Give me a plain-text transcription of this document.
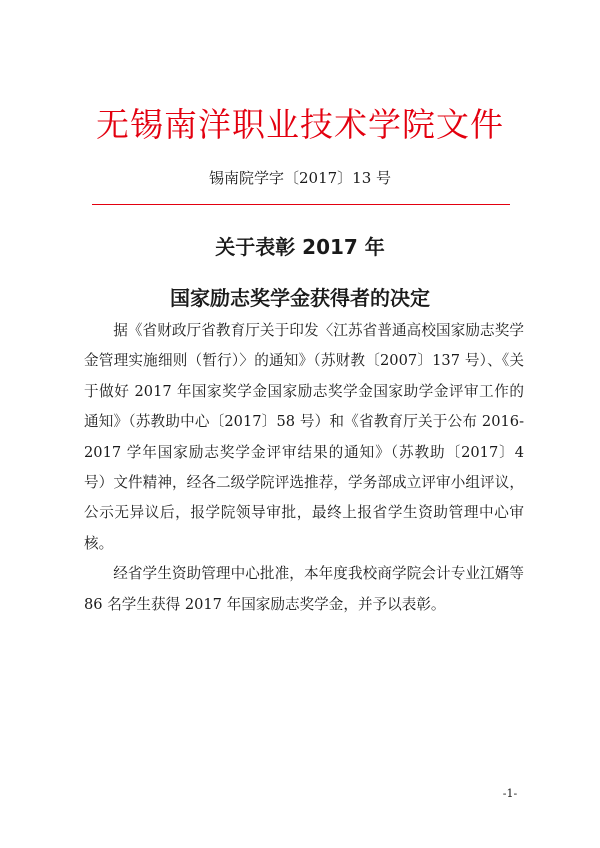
无锡南洋职业技术学院文件
锡南院学字〔2017〕13 号
关于表彰 2017 年
国家励志奖学金获得者的决定

据《省财政厅省教育厅关于印发〈江苏省普通高校国家励志奖学金管理实施细则（暂行）〉的通知》（苏财教〔2007〕137 号）、《关于做好 2017 年国家奖学金国家励志奖学金国家助学金评审工作的通知》（苏教助中心〔2017〕58 号）和《省教育厅关于公布 2016-2017 学年国家励志奖学金评审结果的通知》（苏教助〔2017〕4 号）文件精神，经各二级学院评选推荐，学务部成立评审小组评议，公示无异议后，报学院领导审批，最终上报省学生资助管理中心审核。

经省学生资助管理中心批准，本年度我校商学院会计专业江婿等 86 名学生获得 2017 年国家励志奖学金，并予以表彰。

-1-
